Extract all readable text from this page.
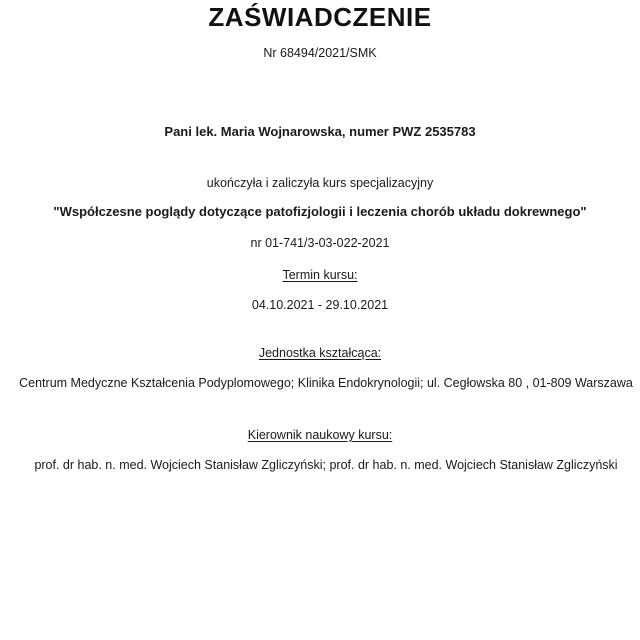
ZAŚWIADCZENIE
Nr 68494/2021/SMK
Pani lek. Maria Wojnarowska, numer PWZ 2535783
ukończyła i zaliczyła kurs specjalizacyjny
"Współczesne poglądy dotyczące patofizjologii i leczenia chorób układu dokrewnego"
nr 01-741/3-03-022-2021
Termin kursu:
04.10.2021 - 29.10.2021
Jednostka kształcąca:
Centrum Medyczne Kształcenia Podyplomowego; Klinika Endokrynologii; ul. Cegłowska 80 , 01-809 Warszawa
Kierownik naukowy kursu:
prof. dr hab. n. med. Wojciech Stanisław Zgliczyński; prof. dr hab. n. med. Wojciech Stanisław Zgliczyński
